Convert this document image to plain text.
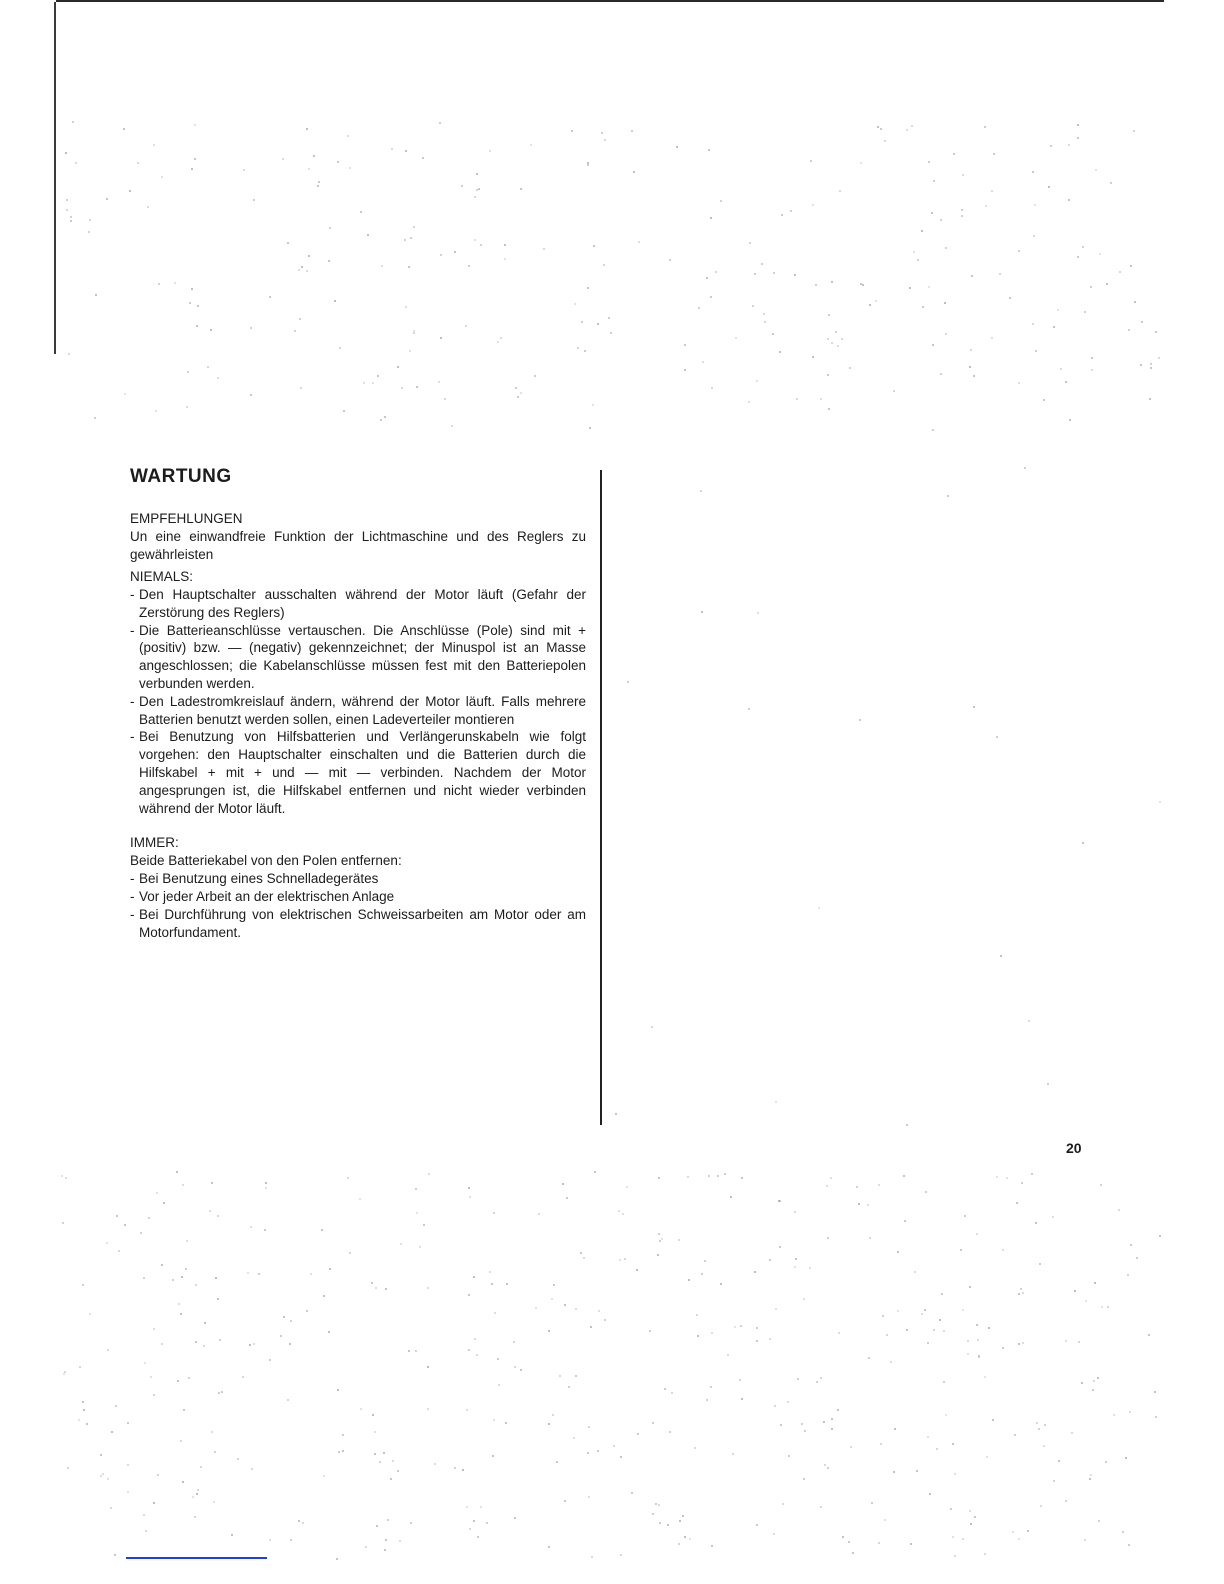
WARTUNG
EMPFEHLUNGEN

Un eine einwandfreie Funktion der Lichtmaschine und des Reglers zu gewährleisten

NIEMALS:
- Den Hauptschalter ausschalten während der Motor läuft (Gefahr der Zerstörung des Reglers)
- Die Batterieanschlüsse vertauschen. Die Anschlüsse (Pole) sind mit + (positiv) bzw. — (negativ) gekennzeichnet; der Minuspol ist an Masse angeschlossen; die Kabelanschlüsse müssen fest mit den Batteriepolen verbunden werden.
- Den Ladestromkreislauf ändern, während der Motor läuft. Falls mehrere Batterien benutzt werden sollen, einen Ladeverteiler montieren
- Bei Benutzung von Hilfsbatterien und Verlängerunskabeln wie folgt vorgehen: den Hauptschalter einschalten und die Batterien durch die Hilfskabel + mit + und — mit — verbinden. Nachdem der Motor angesprungen ist, die Hilfskabel entfernen und nicht wieder verbinden während der Motor läuft.
IMMER:

Beide Batteriekabel von den Polen entfernen:

- Bei Benutzung eines Schnelladegerätes
- Vor jeder Arbeit an der elektrischen Anlage
- Bei Durchführung von elektrischen Schweissarbeiten am Motor oder am Motorfundament.
20
